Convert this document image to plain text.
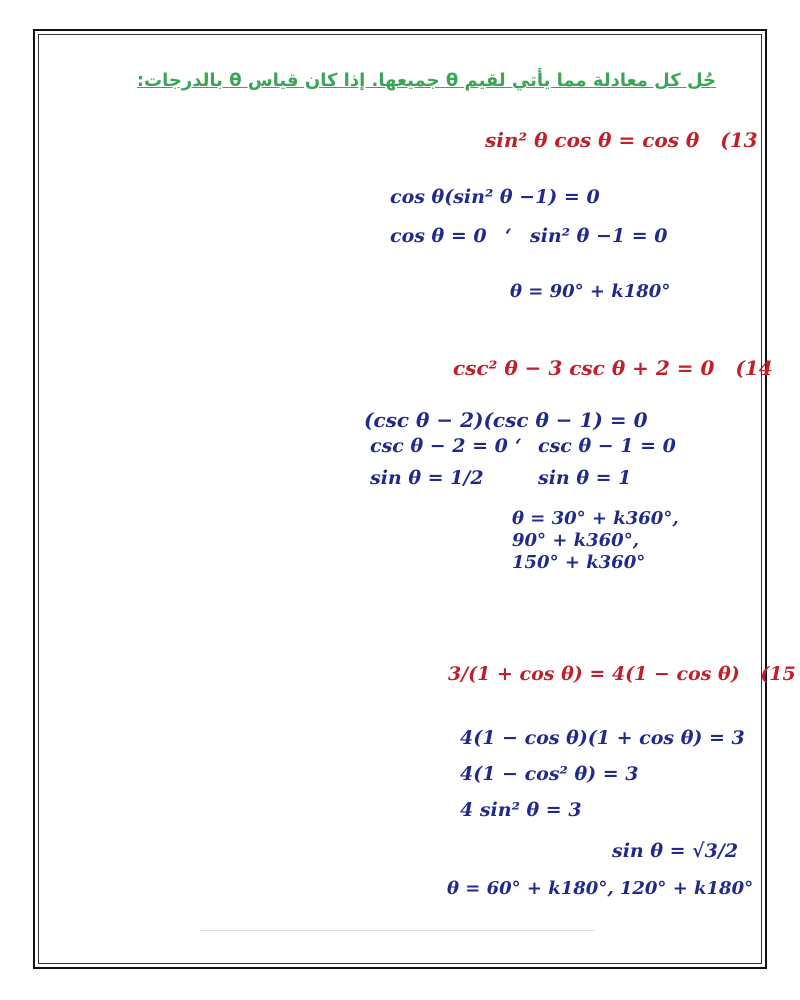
حُل كل معادلة مما يأتي لقيم θ جميعها. إذا كان قياس θ بالدرجات:
sin² θ cos θ = cos θ (13
cos θ(sin² θ −1) = 0
cos θ = 0 ‘ sin² θ −1 = 0
θ = 90° + k180°
csc² θ − 3 csc θ + 2 = 0 (14
(csc θ − 2)(csc θ − 1) = 0
csc θ − 2 = 0 ‘ csc θ − 1 = 0
sin θ = 1/2	sin θ = 1
θ = 30° + k360°,
90° + k360°,
150° + k360°
3/(1 + cos θ) = 4(1 − cos θ) (15
4(1 − cos θ)(1 + cos θ) = 3
4(1 − cos² θ) = 3
4 sin² θ = 3
sin θ = √3/2
θ = 60° + k180°, 120° + k180°
